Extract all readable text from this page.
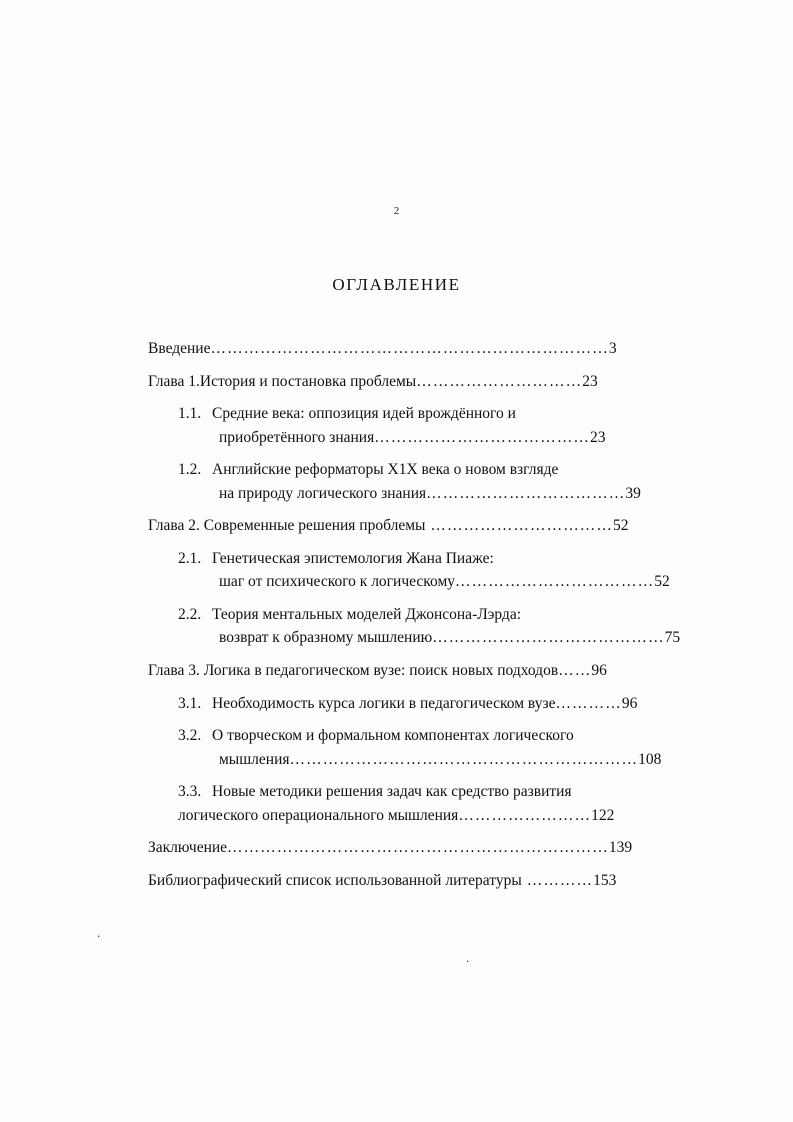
2
ОГЛАВЛЕНИЕ
Введение………………………………………………………………3
Глава 1.История и постановка проблемы…………………………23
1.1. Средние века: оппозиция идей врождённого и
приобретённого знания…………………………………23
1.2. Английские реформаторы Х1Х века о новом взгляде
на природу логического знания………………………………39
Глава 2. Современные решения проблемы ……………………………52
2.1. Генетическая эпистемология Жана Пиаже:
шаг от психического к логическому………………………………52
2.2. Теория ментальных моделей Джонсона-Лэрда:
возврат к образному мышлению……………………………………75
Глава 3. Логика в педагогическом вузе: поиск новых подходов……96
3.1. Необходимость курса логики в педагогическом вузе…………96
3.2. О творческом и формальном компонентах логического
мышления………………………………………………………108
3.3. Новые методики решения задач как средство развития
логического операционального мышления……………………122
Заключение……………………………………………………………139
Библиографический список использованной литературы …………153
.
.
